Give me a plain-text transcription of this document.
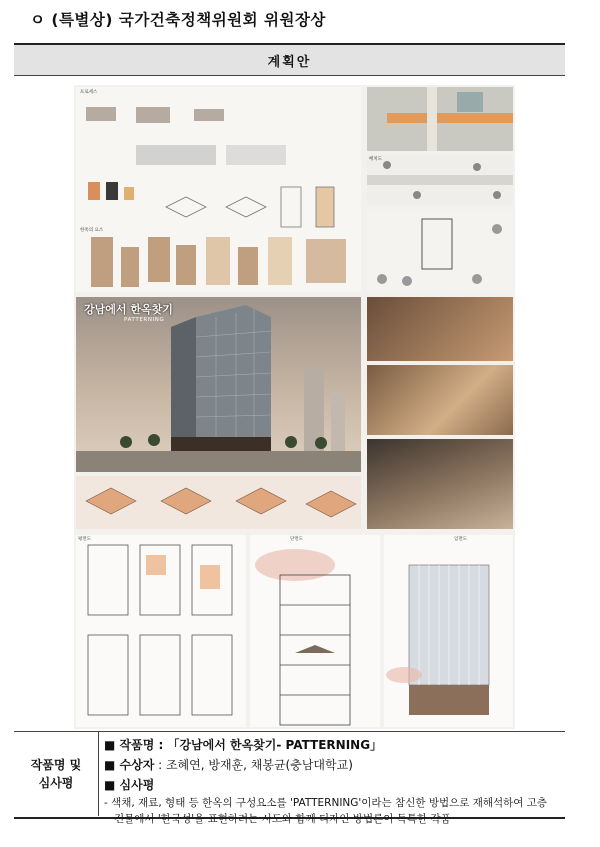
ㅇ (특별상) 국가건축정책위원회 위원장상
계획안
프로세스
한옥의 요소
배치도
강남에서 한옥찾기
PATTERNING
평면도	단면도	입면도
작품명 및
심사평
■ 작품명 : 「강남에서 한옥찾기- PATTERNING」
■ 수상자 : 조혜연, 방재훈, 채봉균(충남대학교)
■ 심사평
- 색채, 재료, 형태 등 한옥의 구성요소를 'PATTERNING'이라는 참신한 방법으로 재해석하여 고층 건물에서 '한국성'을 표현하려는 시도와 함께 디자인 방법론이 독특한 작품
